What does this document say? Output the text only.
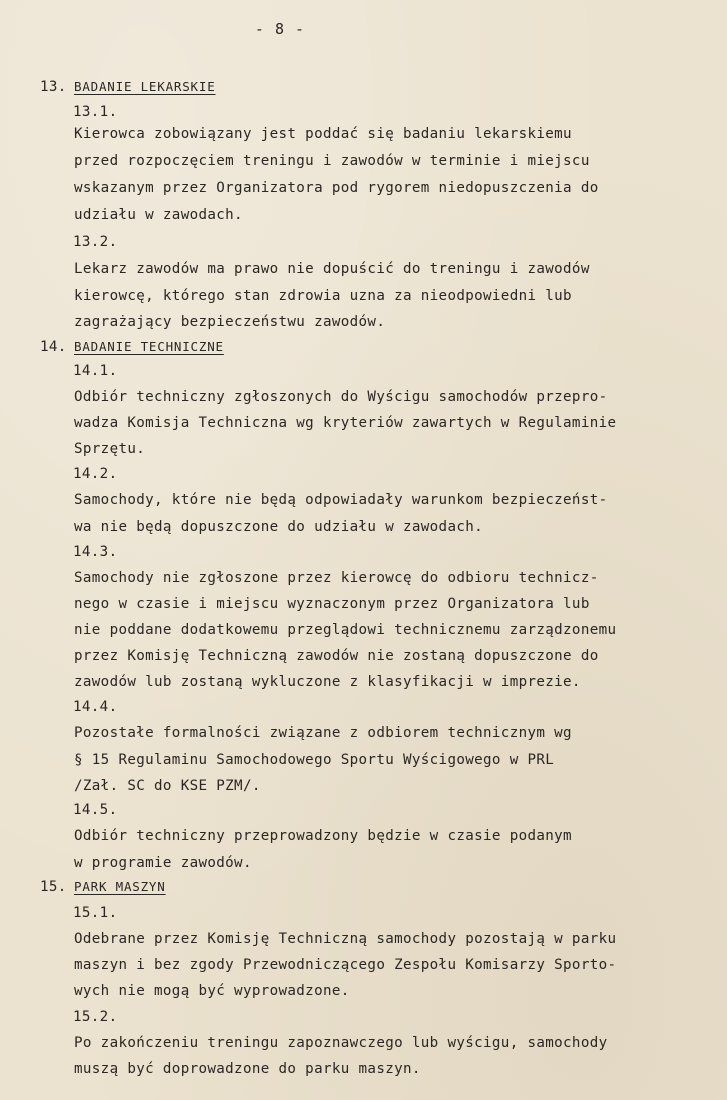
- 8 -
13. BADANIE LEKARSKIE
13.1.
Kierowca zobowiązany jest poddać się badaniu lekarskiemu
przed rozpoczęciem treningu i zawodów w terminie i miejscu
wskazanym przez Organizatora pod rygorem niedopuszczenia do
udziału w zawodach.
13.2.
Lekarz zawodów ma prawo nie dopuścić do treningu i zawodów
kierowcę, którego stan zdrowia uzna za nieodpowiedni lub
zagrażający bezpieczeństwu zawodów.
14. BADANIE TECHNICZNE
14.1.
Odbiór techniczny zgłoszonych do Wyścigu samochodów przepro-
wadza Komisja Techniczna wg kryteriów zawartych w Regulaminie
Sprzętu.
14.2.
Samochody, które nie będą odpowiadały warunkom bezpieczeńst-
wa nie będą dopuszczone do udziału w zawodach.
14.3.
Samochody nie zgłoszone przez kierowcę do odbioru technicz-
nego w czasie i miejscu wyznaczonym przez Organizatora lub
nie poddane dodatkowemu przeglądowi technicznemu zarządzonemu
przez Komisję Techniczną zawodów nie zostaną dopuszczone do
zawodów lub zostaną wykluczone z klasyfikacji w imprezie.
14.4.
Pozostałe formalności związane z odbiorem technicznym wg
§ 15 Regulaminu Samochodowego Sportu Wyścigowego w PRL
/Zał. SC do KSE PZM/.
14.5.
Odbiór techniczny przeprowadzony będzie w czasie podanym
w programie zawodów.
15. PARK MASZYN
15.1.
Odebrane przez Komisję Techniczną samochody pozostają w parku
maszyn i bez zgody Przewodniczącego Zespołu Komisarzy Sporto-
wych nie mogą być wyprowadzone.
15.2.
Po zakończeniu treningu zapoznawczego lub wyścigu, samochody
muszą być doprowadzone do parku maszyn.
